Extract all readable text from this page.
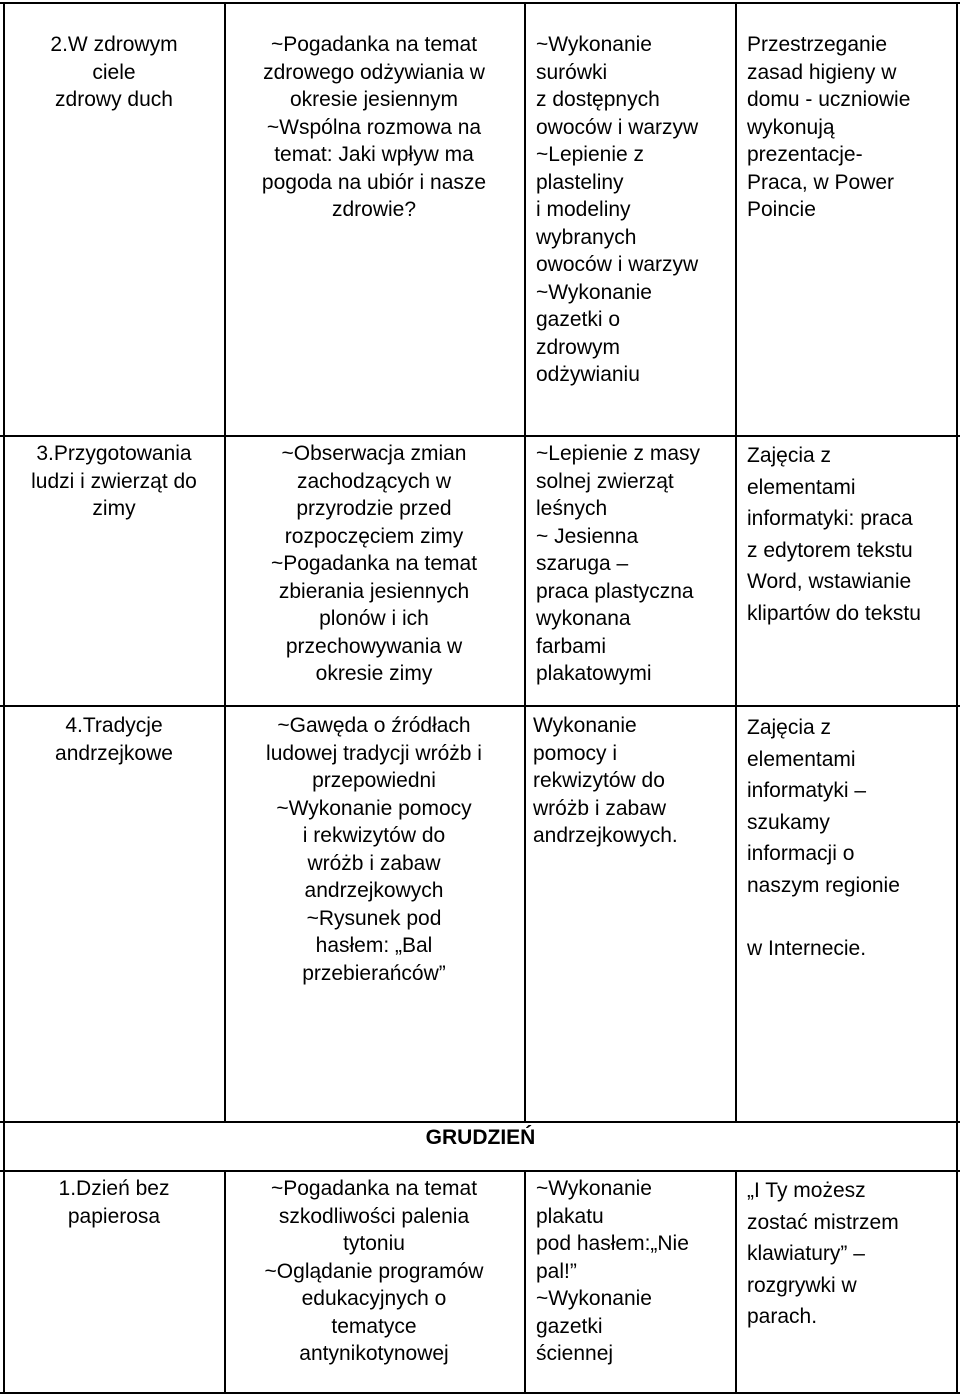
2.W zdrowym
ciele
zdrowy duch
~Pogadanka na temat
zdrowego odżywiania w
okresie jesiennym
~Wspólna rozmowa na
temat: Jaki wpływ ma
pogoda na ubiór i nasze
zdrowie?
~Wykonanie
surówki
z dostępnych
owoców i warzyw
~Lepienie z
plasteliny
i modeliny
wybranych
owoców i warzyw
~Wykonanie
gazetki o
zdrowym
odżywianiu
Przestrzeganie
zasad higieny w
domu - uczniowie
wykonują
prezentacje-
Praca, w Power
Poincie
3.Przygotowania
ludzi i zwierząt do
zimy
~Obserwacja zmian
zachodzących w
przyrodzie przed
rozpoczęciem zimy
~Pogadanka na temat
zbierania jesiennych
plonów i ich
przechowywania w
okresie zimy
~Lepienie z masy
solnej zwierząt
leśnych
~ Jesienna
szaruga –
praca plastyczna
wykonana
farbami
plakatowymi
Zajęcia z
elementami
informatyki: praca
z edytorem tekstu
Word, wstawianie
klipartów do tekstu
4.Tradycje
andrzejkowe
~Gawęda o źródłach
ludowej tradycji wróżb i
przepowiedni
~Wykonanie pomocy
i rekwizytów do
wróżb i zabaw
andrzejkowych
~Rysunek pod
hasłem: „Bal
przebierańców”
Wykonanie
pomocy i
rekwizytów do
wróżb i zabaw
andrzejkowych.
Zajęcia z
elementami
informatyki –
szukamy
informacji o
naszym regionie

w Internecie.
GRUDZIEŃ
1.Dzień bez
papierosa
~Pogadanka na temat
szkodliwości palenia
tytoniu
~Oglądanie programów
edukacyjnych o
tematyce
antynikotynowej
~Wykonanie
plakatu
pod hasłem:„Nie
pal!”
~Wykonanie
gazetki
ściennej
„I Ty możesz
zostać mistrzem
klawiatury” –
rozgrywki w
parach.
